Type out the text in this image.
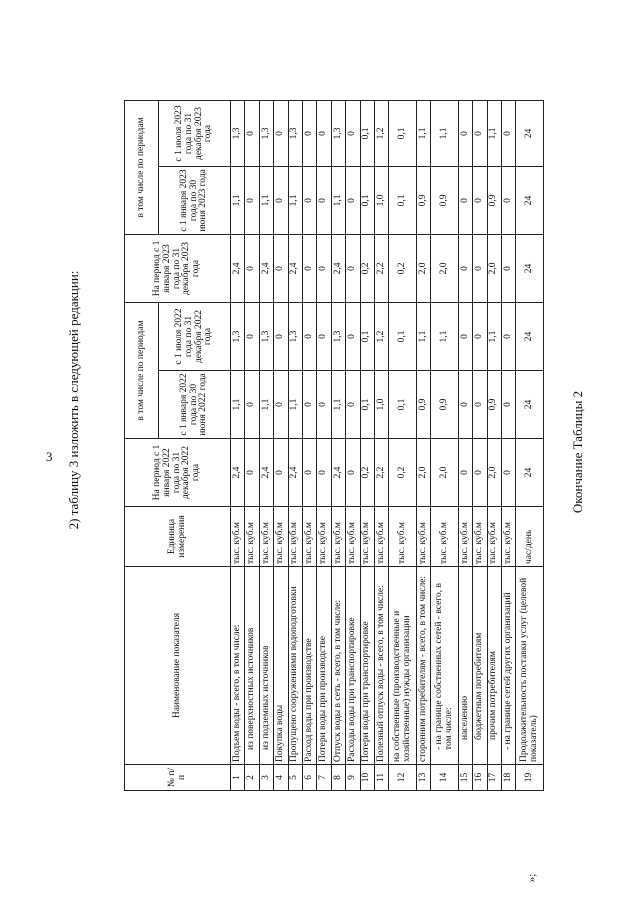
3	Окончание Таблицы 2
»;
2) таблицу 3 изложить в следующей редакции:
№ п/п	Наименование показателя	Единица измерения	На период с 1 января 2022 года по 31 декабря 2022 года	в том числе по периодам		На период с 1 января 2023 года по 31 декабря 2023 года	в том числе по периодам	
				с 1 января 2022 года по 30 июня 2022 года	с 1 июля 2022 года по 31 декабря 2022 года		с 1 января 2023 года по 30 июня 2023 года	с 1 июля 2023 года по 31 декабря 2023 года
1	Подъем воды - всего, в том числе:	тыс. куб.м	2,4	1,1	1,3	2,4	1,1	1,3
2	из поверхностных источников	тыс. куб.м	0	0	0	0	0	0
3	из подземных источников	тыс. куб.м	2,4	1,1	1,3	2,4	1,1	1,3
4	Покупка воды	тыс. куб.м	0	0	0	0	0	0
5	Пропущено сооружениями водоподготовки	тыс. куб.м	2,4	1,1	1,3	2,4	1,1	1,3
6	Расход воды при производстве	тыс. куб.м	0	0	0	0	0	0
7	Потери воды при производстве	тыс. куб.м	0	0	0	0	0	0
8	Отпуск воды в сеть - всего, в том числе:	тыс. куб.м	2,4	1,1	1,3	2,4	1,1	1,3
9	Расходы воды при транспортировке	тыс. куб.м	0	0	0	0	0	0
10	Потери воды при транспортировке	тыс. куб.м	0,2	0,1	0,1	0,2	0,1	0,1
11	Полезный отпуск воды - всего, в том числе:	тыс. куб.м	2,2	1,0	1,2	2,2	1,0	1,2
12	на собственные (производственные и хозяйственные) нужды организации	тыс. куб.м	0,2	0,1	0,1	0,2	0,1	0,1
13	сторонним потребителям - всего, в том числе:	тыс. куб.м	2,0	0,9	1,1	2,0	0,9	1,1
14	- на границе собственных сетей - всего, в том числе:	тыс. куб.м	2,0	0,9	1,1	2,0	0,9	1,1
15	населению	тыс. куб.м	0	0	0	0	0	0
16	бюджетным потребителям	тыс. куб.м	0	0	0	0	0	0
17	прочим потребителям	тыс. куб.м	2,0	0,9	1,1	2,0	0,9	1,1
18	- на границе сетей других организаций	тыс. куб.м	0	0	0	0	0	0
19	Продолжительность поставки услуг (целевой показатель)	час/день	24	24	24	24	24	24
